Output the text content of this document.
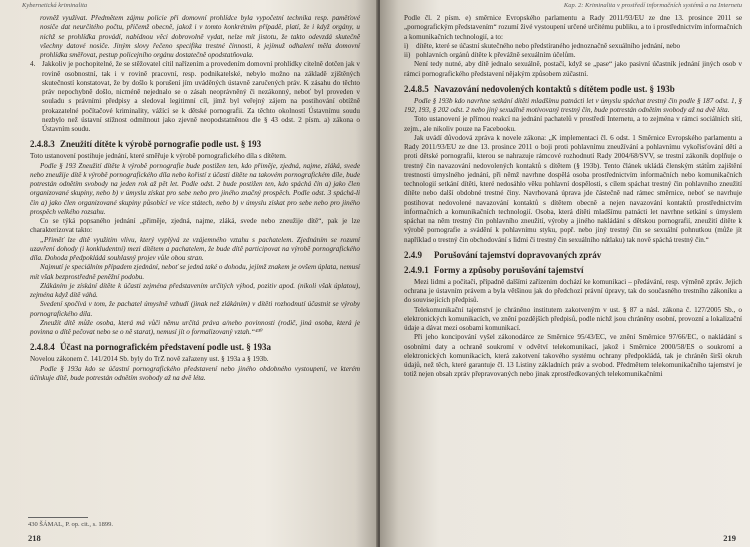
Kybernetická kriminalita

rovněž využívat. Předmětem zájmu policie při domovní prohlídce byla vypočetní technika resp. paměťové nosiče dat neurčitého počtu, přičemž obecně, jakož i v tomto konkrétním případě, platí, že i když orgány, u nichž se prohlídka provádí, nabídnou věci dobrovolně vydat, nelze mít jistotu, že takto odevzdá skutečně všechny datové nosiče. Jiným slovy řečeno specifika trestné činnosti, k jejímuž odhalení měla domovní prohlídka směřovat, pestup policejního orgánu dostatečně opodstatňovala.

4. Jakkoliv je pochopitelné, že se stěžovatel cítil nařízením a provedením domovní prohlídky citelně dotčen jak v rovině osobnostní, tak i v rovině pracovní, resp. podnikatelské, nebylo možno na základě zjištěných skutečností konstatovat, že by došlo k porušení jím uváděných ústavně zaručených práv. K zásahu do těchto práv nepochybně došlo, nicméně nejednalo se o zásah neoprávněný či nezákonný, neboť byl proveden v souladu s právními předpisy a sledoval legitimní cíl, jímž byl veřejný zájem na postihování obtížně prokazatelné počítačové kriminality, vážící se k dětské pornografii. Za těchto okolností Ústavnímu soudu nezbylo než ústavní stížnost odmítnout jako zjevně neopodstatněnou dle § 43 odst. 2 písm. a) zákona o Ústavním soudu.
2.4.8.3 Zneužití dítěte k výrobě pornografie podle ust. § 193

Toto ustanovení postihuje jednání, které směřuje k výrobě pornografického díla s dítětem.

Podle § 193 Zneužití dítěte k výrobě pornografie bude postižen ten, kdo přiměje, zjedná, najme, zláká, svede nebo zneužije dítě k výrobě pornografického díla nebo kořistí z účasti dítěte na takovém pornografickém díle, bude potrestán odnětím svobody na jeden rok až pět let. Podle odst. 2 bude postižen ten, kdo spáchá čin a) jako člen organizované skupiny, nebo b) v úmyslu získat pro sebe nebo pro jiného značný prospěch. Podle odst. 3 spáchá-li čin a) jako člen organizované skupiny působící ve více státech, nebo b) v úmyslu získat pro sebe nebo pro jiného prospěch velkého rozsahu.

Co se týká popsaného jednání „přiměje, zjedná, najme, zláká, svede nebo zneužije dítě“, pak je lze charakterizovat takto:

„Přiměť lze dítě využitím vlivu, který vyplývá ze vzájemného vztahu s pachatelem. Zjednáním se rozumí uzavření dohody (i konkludentní) mezi dítětem a pachatelem, že bude dítě participovat na výrobě pornografického díla. Dohoda předpokládá souhlasný projev vůle obou stran.

Najmutí je speciálním případem zjednání, neboť se jedná také o dohodu, jejímž znakem je ovšem úplata, nemusí mít však bezprostředně peněžní podobu.

Zlákáním je získání dítěte k účasti zejména představením určitých výhod, pozitiv apod. (nikoli však úplatou), zejména když dítě váhá.

Svedení spočívá v tom, že pachatel úmyslně vzbudí (jinak než zlákáním) v dítěti rozhodnutí účastnit se výroby pornografického díla.

Zneužít dítě může osoba, která má vůči němu určitá práva a/nebo povinnosti (rodič, jiná osoba, která je povinna o dítě pečovat nebo se o ně starat), nemusí jít o formalizovaný vztah.“⁴³⁰

2.4.8.4 Účast na pornografickém představení podle ust. § 193a

Novelou zákonem č. 141/2014 Sb. byly do TrZ nově zařazeny ust. § 193a a § 193b.

Podle § 193a kdo se účastní pornografického představení nebo jiného obdobného vystoupení, ve kterém účinkuje dítě, bude potrestán odnětím svobody až na dvě léta.

430 ŠÁMAL, P. op. cit., s. 1899.
218
Kap. 2: Kriminalita v prostředí informačních systémů a na Internetu

Podle čl. 2 písm. e) směrnice Evropského parlamentu a Rady 2011/93/EU ze dne 13. prosince 2011 se „pornografickým představením“ rozumí živé vystoupení určené určitému publiku, a to i prostřednictvím informačních a komunikačních technologií, a to:

i)	dítěte, které se účastní skutečného nebo předstíraného jednoznačně sexuálního jednání, nebo
ii) pohlavních orgánů dítěte k převážně sexuálním účelům.

Není tedy nutné, aby dítě jednalo sexuálně, postačí, když se „pase“ jako pasivní účastník jednání jiných osob v rámci pornografického představení nějakým způsobem zúčastní.

2.4.8.5 Navazování nedovolených kontaktů s dítětem podle ust. § 193b

Podle § 193b kdo navrhne setkání dítěti mladšímu patnácti let v úmyslu spáchat trestný čin podle § 187 odst. 1, § 192, 193, § 202 odst. 2 nebo jiný sexuálně motivovaný trestný čin, bude potrestán odnětím svobody až na dvě léta.

Toto ustanovení je přímou reakcí na jednání pachatelů v prostředí Internetu, a to zejména v rámci sociálních sítí, zejm., ale nikoliv pouze na Facebooku.

Jak uvádí důvodová zpráva k novele zákona: „K implementaci čl. 6 odst. 1 Směrnice Evropského parlamentu a Rady 2011/93/EU ze dne 13. prosince 2011 o boji proti pohlavnímu zneužívání a pohlavnímu vykořisťování dětí a proti dětské pornografii, kterou se nahrazuje rámcové rozhodnutí Rady 2004/68/SVV, se trestní zákoník doplňuje o trestný čin navazování nedovolených kontaktů s dítětem (§ 193b). Tento článek ukládá členským státům zajištění trestnosti úmyslného jednání, při němž navrhne dospělá osoba prostřednictvím informačních nebo komunikačních technologií setkání dítěti, které nedosáhlo věku pohlavní dospělosti, s cílem spáchat trestný čin pohlavního zneužití dítěte nebo další obdobné trestné činy. Navrhovaná úprava jde částečně nad rámec směrnice, neboť se navrhuje postihovat nedovolené navazování kontaktů s dítětem obecně a nejen navazování kontaktů prostřednictvím informačních a komunikačních technologií. Osoba, která dítěti mladšímu patnácti let navrhne setkání s úmyslem spáchat na něm trestný čin pohlavního zneužití, výroby a jiného nakládání s dětskou pornografií, zneužití dítěte k výrobě pornografie a svádění k pohlavnímu styku, popř. nebo jiný trestný čin se sexuální pohnutkou (může jít například o trestný čin obchodování s lidmi či trestný čin sexuálního nátlaku) tak nově spáchá trestný čin.“

2.4.9	Porušování tajemství dopravovaných zpráv
2.4.9.1 Formy a způsoby porušování tajemství

Mezi lidmi a počítači, případně dalšími zařízením dochází ke komunikaci – předávání, resp. výměně zpráv. Jejich ochrana je ústavním právem a byla většinou jak do předchozí právní úpravy, tak do současného trestního zákoníku a do souvisejících předpisů.

Telekomunikační tajemství je chráněno institutem zakotveným v ust. § 87 a násl. zákona č. 127/2005 Sb., o elektronických komunikacích, ve znění pozdějších předpisů, podle nichž jsou chráněny osobní, provozní a lokalizační údaje a dávat mezi osobami komunikací.

Při jeho koncipování vyšel zákonodárce ze Směrnice 95/43/EC, ve znění Směrnice 97/66/EC, o nakládání s osobními daty a ochraně soukromí v odvětví telekomunikací, jakož i Směrnice 2000/58/ES o soukromí a elektronických komunikacích, která zakotvení takového systému ochrany předpokládá, tak je chráněn širší okruh údajů, než těch, které garantuje čl. 13 Listiny základních práv a svobod. Předmětem telekomunikačního tajemství je totiž nejen obsah zpráv přepravovaných nebo jinak zprostředkovaných telekomunikačními

219
